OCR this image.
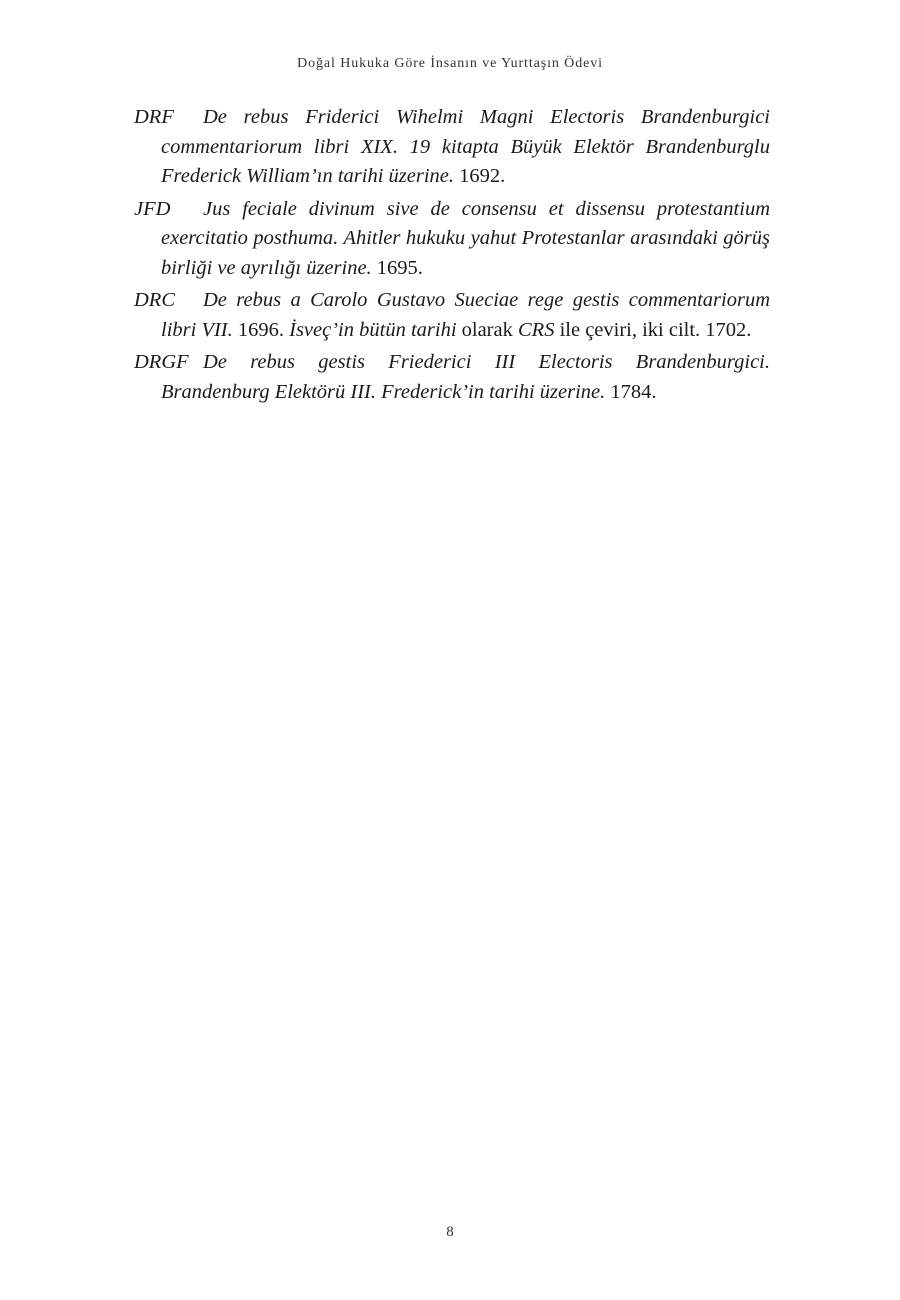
Doğal Hukuka Göre İnsanın ve Yurttaşın Ödevi
DRF De rebus Friderici Wihelmi Magni Electoris Brandenburgici commentariorum libri XIX. 19 kitapta Büyük Elektör Brandenburglu Frederick William’ın tarihi üzerine. 1692.
JFD Jus feciale divinum sive de consensu et dissensu protestantium exercitatio posthuma. Ahitler hukuku yahut Protestanlar arasındaki görüş birliği ve ayrılığı üzerine. 1695.
DRC De rebus a Carolo Gustavo Sueciae rege gestis commentariorum libri VII. 1696. İsveç’in bütün tarihi olarak CRS ile çeviri, iki cilt. 1702.
DRGF De rebus gestis Friederici III Electoris Brandenburgici. Brandenburg Elektörü III. Frederick’in tarihi üzerine. 1784.
8
